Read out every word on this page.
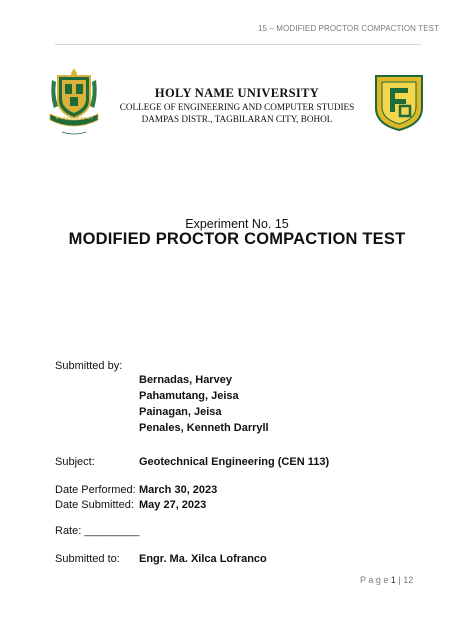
15 – MODIFIED PROCTOR COMPACTION TEST
HOLY NAME UNIVERSITY
COLLEGE OF ENGINEERING AND COMPUTER STUDIES
DAMPAS DISTR., TAGBILARAN CITY, BOHOL
Experiment No. 15
MODIFIED PROCTOR COMPACTION TEST
Submitted by:
Bernadas, Harvey
Pahamutang, Jeisa
Painagan, Jeisa
Penales, Kenneth Darryll
Subject:	Geotechnical Engineering (CEN 113)
Date Performed: March 30, 2023
Date Submitted: May 27, 2023
Rate: _________
Submitted to: Engr. Ma. Xilca Lofranco
P a g e 1 | 12
